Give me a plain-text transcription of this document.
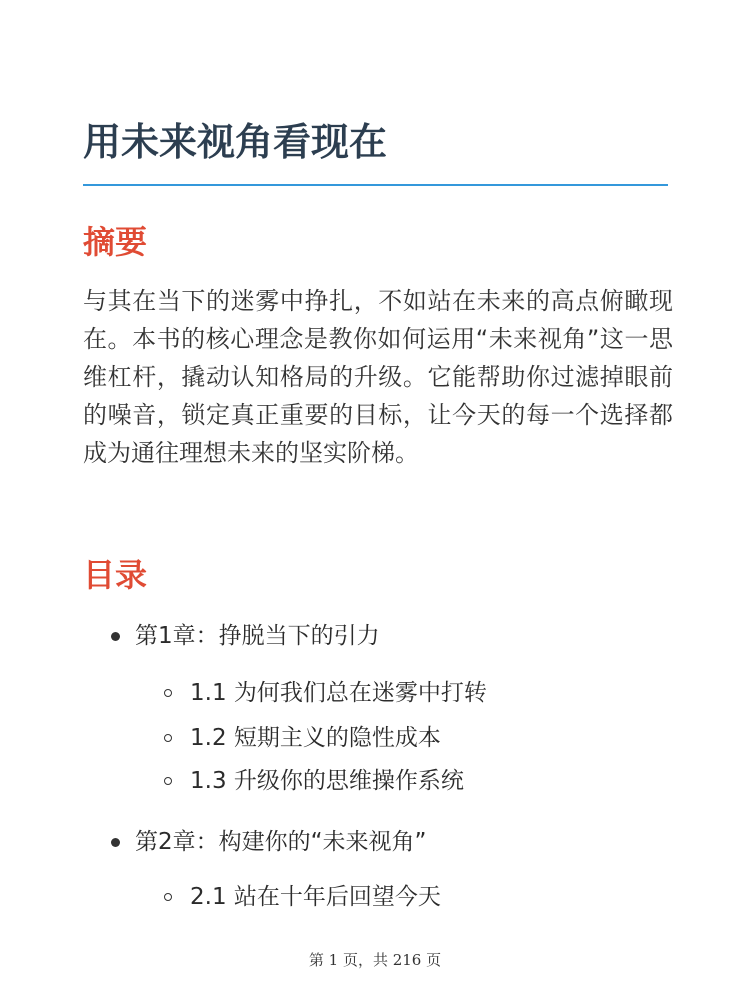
用未来视角看现在
摘要

与其在当下的迷雾中挣扎，不如站在未来的高点俯瞰现在。本书的核心理念是教你如何运用“未来视角”这一思维杠杆，撬动认知格局的升级。它能帮助你过滤掉眼前的噪音，锁定真正重要的目标，让今天的每一个选择都成为通往理想未来的坚实阶梯。

目录
第1章：挣脱当下的引力
1.1 为何我们总在迷雾中打转
1.2 短期主义的隐性成本
1.3 升级你的思维操作系统
第2章：构建你的“未来视角”
2.1 站在十年后回望今天
第 1 页，共 216 页
